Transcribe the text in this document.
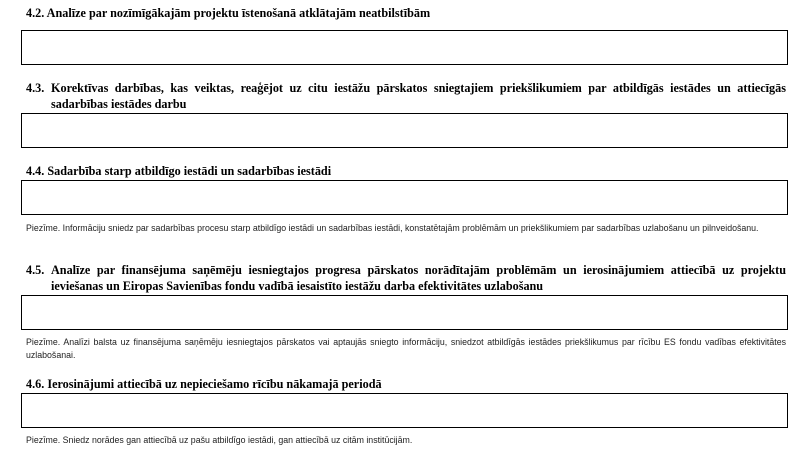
4.2. Analīze par nozīmīgākajām projektu īstenošanā atklātajām neatbilstībām
4.3. Korektīvas darbības, kas veiktas, reaģējot uz citu iestāžu pārskatos sniegtajiem priekšlikumiem par atbildīgās iestādes un attiecīgās sadarbības iestādes darbu
4.4. Sadarbība starp atbildīgo iestādi un sadarbības iestādi

Piezīme. Informāciju sniedz par sadarbības procesu starp atbildīgo iestādi un sadarbības iestādi, konstatētajām problēmām un priekšlikumiem par sadarbības uzlabošanu un pilnveidošanu.

4.5. Analīze par finansējuma saņēmēju iesniegtajos progresa pārskatos norādītajām problēmām un ierosinājumiem attiecībā uz projektu ieviešanas un Eiropas Savienības fondu vadībā iesaistīto iestāžu darba efektivitātes uzlabošanu

Piezīme. Analīzi balsta uz finansējuma saņēmēju iesniegtajos pārskatos vai aptaujās sniegto informāciju, sniedzot atbildīgās iestādes priekšlikumus par rīcību ES fondu vadības efektivitātes uzlabošanai.

4.6. Ierosinājumi attiecībā uz nepieciešamo rīcību nākamajā periodā

Piezīme. Sniedz norādes gan attiecībā uz pašu atbildīgo iestādi, gan attiecībā uz citām institūcijām.
